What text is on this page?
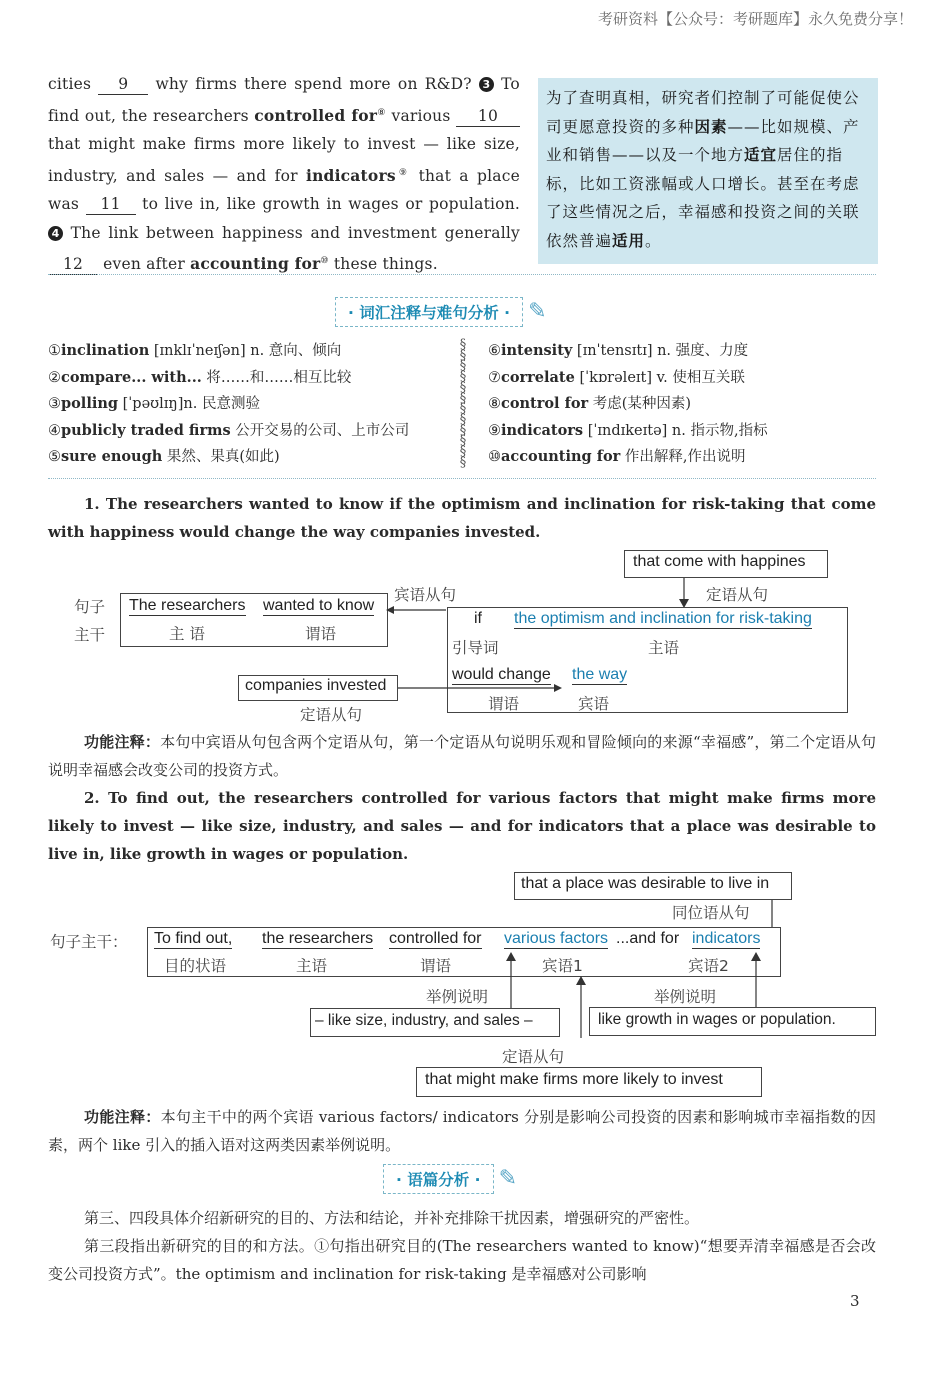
考研资料【公众号：考研题库】永久免费分享！
cities 9 why firms there spend more on R&D? 3 To find out, the researchers controlled for⑧ various 10 that might make firms more likely to invest — like size, industry, and sales — and for indicators⑨ that a place was 11 to live in, like growth in wages or population. 4 The link between happiness and investment generally 12 even after accounting for⑩ these things.
为了查明真相，研究者们控制了可能促使公司更愿意投资的多种因素——比如规模、产业和销售——以及一个地方适宜居住的指标，比如工资涨幅或人口增长。甚至在考虑了这些情况之后，幸福感和投资之间的关联依然普遍适用。
· 词汇注释与难句分析 · ✎
①inclination [ɪnklɪˈneɪʃən] n. 意向、倾向
②compare... with... 将……和……相互比较
③polling [ˈpəʊlɪŋ]n. 民意测验
④publicly traded firms 公开交易的公司、上市公司
⑤sure enough 果然、果真(如此)
§
§
§
§
§
§
§
§
§
§
§
§
⑥intensity [ɪnˈtensɪtɪ] n. 强度、力度
⑦correlate [ˈkɒrəleɪt] v. 使相互关联
⑧control for 考虑(某种因素)
⑨indicators [ˈɪndɪkeɪtə] n. 指示物,指标
⑩accounting for 作出解释,作出说明
1. The researchers wanted to know if the optimism and inclination for risk-taking that come with happiness would change the way companies invested.
句子
主干
The researchers wanted to know
主 语	谓语
宾语从句
that come with happines
定语从句
if
引导词
the optimism and inclination for risk-taking
主语
would change the way
谓语	宾语
companies invested
定语从句
功能注释：本句中宾语从句包含两个定语从句，第一个定语从句说明乐观和冒险倾向的来源“幸福感”，第二个定语从句说明幸福感会改变公司的投资方式。
2. To find out, the researchers controlled for various factors that might make firms more likely to invest — like size, industry, and sales — and for indicators that a place was desirable to live in, like growth in wages or population.
that a place was desirable to live in
同位语从句
句子主干： To find out, the researchers controlled for various factors ...and for indicators
目的状语	主语	谓语	宾语1	宾语2
举例说明	举例说明
– like size, industry, and sales –	like growth in wages or population.
定语从句
that might make firms more likely to invest
功能注释：本句主干中的两个宾语 various factors/ indicators 分别是影响公司投资的因素和影响城市幸福指数的因素，两个 like 引入的插入语对这两类因素举例说明。
· 语篇分析 · ✎
第三、四段具体介绍新研究的目的、方法和结论，并补充排除干扰因素，增强研究的严密性。
第三段指出新研究的目的和方法。①句指出研究目的(The researchers wanted to know)“想要弄清幸福感是否会改变公司投资方式”。the optimism and inclination for risk-taking 是幸福感对公司影响
3
